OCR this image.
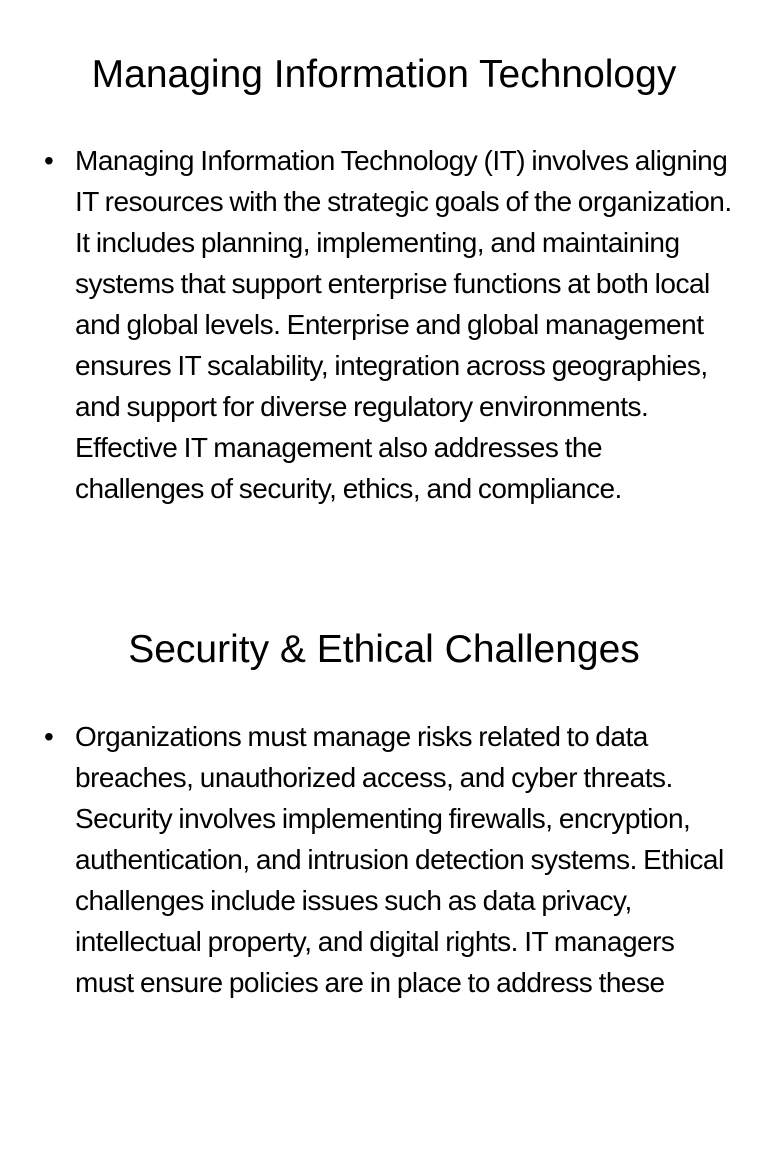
Managing Information Technology
• Managing Information Technology (IT) involves aligning IT resources with the strategic goals of the organization. It includes planning, implementing, and maintaining systems that support enterprise functions at both local and global levels. Enterprise and global management ensures IT scalability, integration across geographies, and support for diverse regulatory environments. Effective IT management also addresses the challenges of security, ethics, and compliance.

Security & Ethical Challenges
• Organizations must manage risks related to data breaches, unauthorized access, and cyber threats. Security involves implementing firewalls, encryption, authentication, and intrusion detection systems. Ethical challenges include issues such as data privacy, intellectual property, and digital rights. IT managers must ensure policies are in place to address these
